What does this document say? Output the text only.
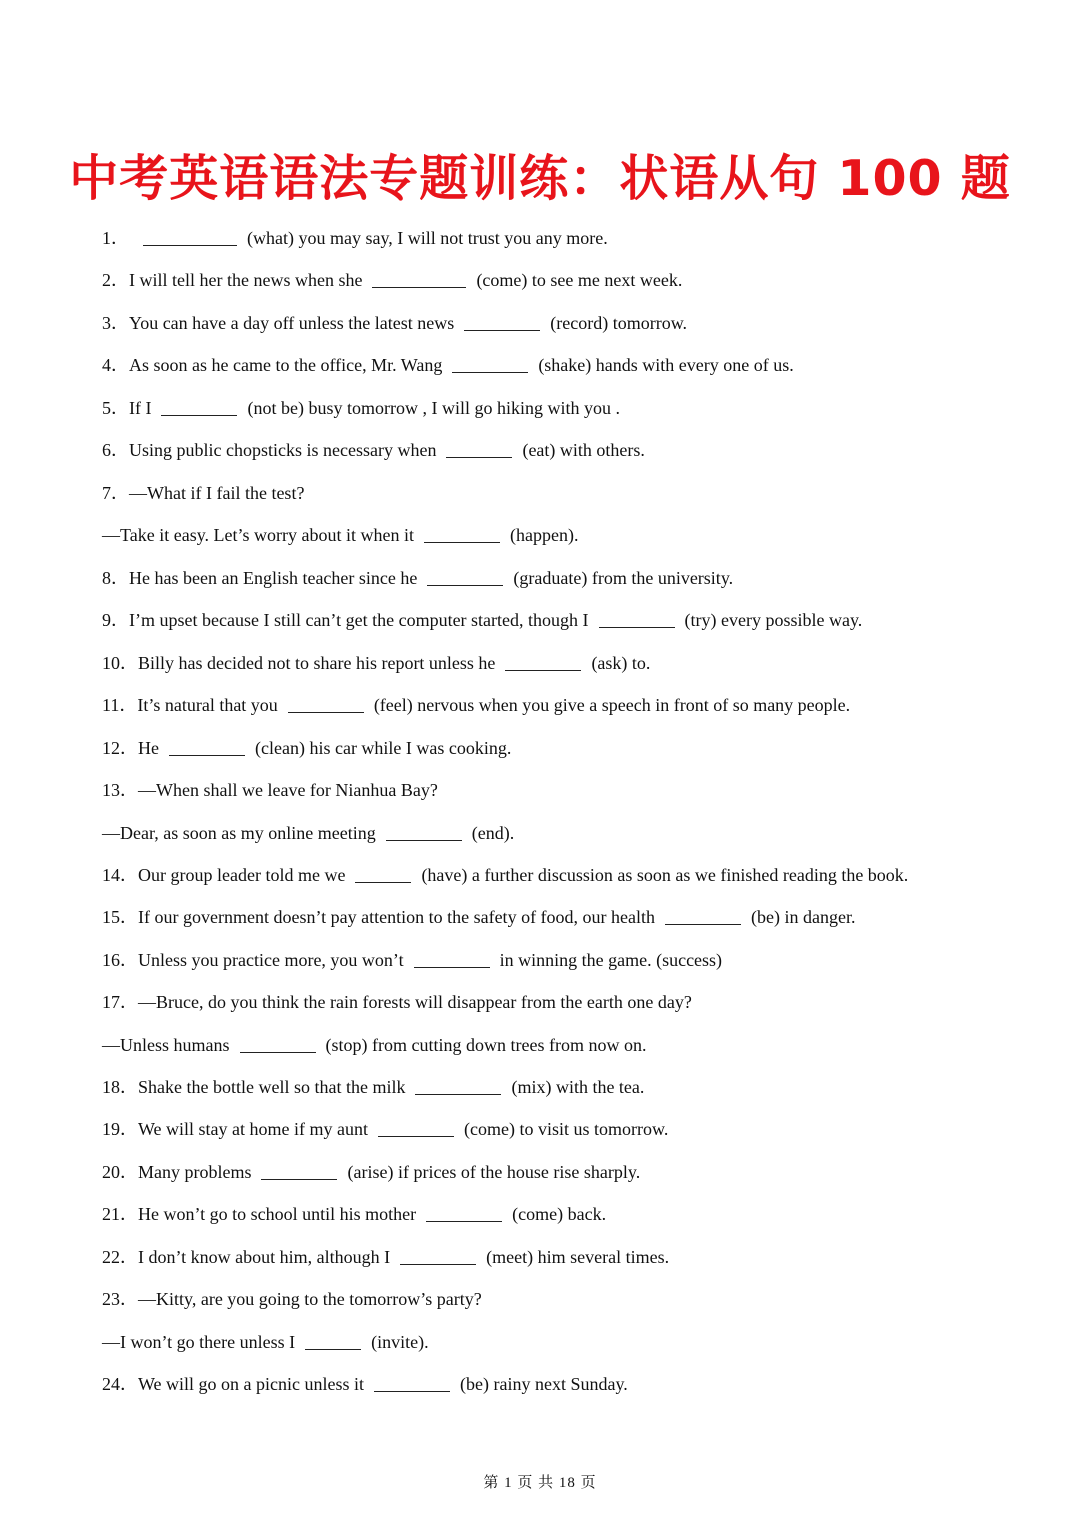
中考英语语法专题训练：状语从句 100 题
1．	(what) you may say, I will not trust you any more.
2．I will tell her the news when she	(come) to see me next week.
3．You can have a day off unless the latest news	(record) tomorrow.
4．As soon as he came to the office, Mr. Wang	(shake) hands with every one of us.
5．If I	(not be) busy tomorrow , I will go hiking with you .
6．Using public chopsticks is necessary when	(eat) with others.
7．—What if I fail the test?
—Take it easy. Let’s worry about it when it	(happen).
8．He has been an English teacher since he	(graduate) from the university.
9．I’m upset because I still can’t get the computer started, though I	(try) every possible way.
10．Billy has decided not to share his report unless he	(ask) to.
11．It’s natural that you	(feel) nervous when you give a speech in front of so many people.
12．He	(clean) his car while I was cooking.
13．—When shall we leave for Nianhua Bay?
—Dear, as soon as my online meeting	(end).
14．Our group leader told me we	(have) a further discussion as soon as we finished reading the book.
15．If our government doesn’t pay attention to the safety of food, our health	(be) in danger.
16．Unless you practice more, you won’t	in winning the game. (success)
17．—Bruce, do you think the rain forests will disappear from the earth one day?
—Unless humans	(stop) from cutting down trees from now on.
18．Shake the bottle well so that the milk	(mix) with the tea.
19．We will stay at home if my aunt	(come) to visit us tomorrow.
20．Many problems	(arise) if prices of the house rise sharply.
21．He won’t go to school until his mother	(come) back.
22．I don’t know about him, although I	(meet) him several times.
23．—Kitty, are you going to the tomorrow’s party?
—I won’t go there unless I	(invite).
24．We will go on a picnic unless it	(be) rainy next Sunday.
第 1 页 共 18 页
